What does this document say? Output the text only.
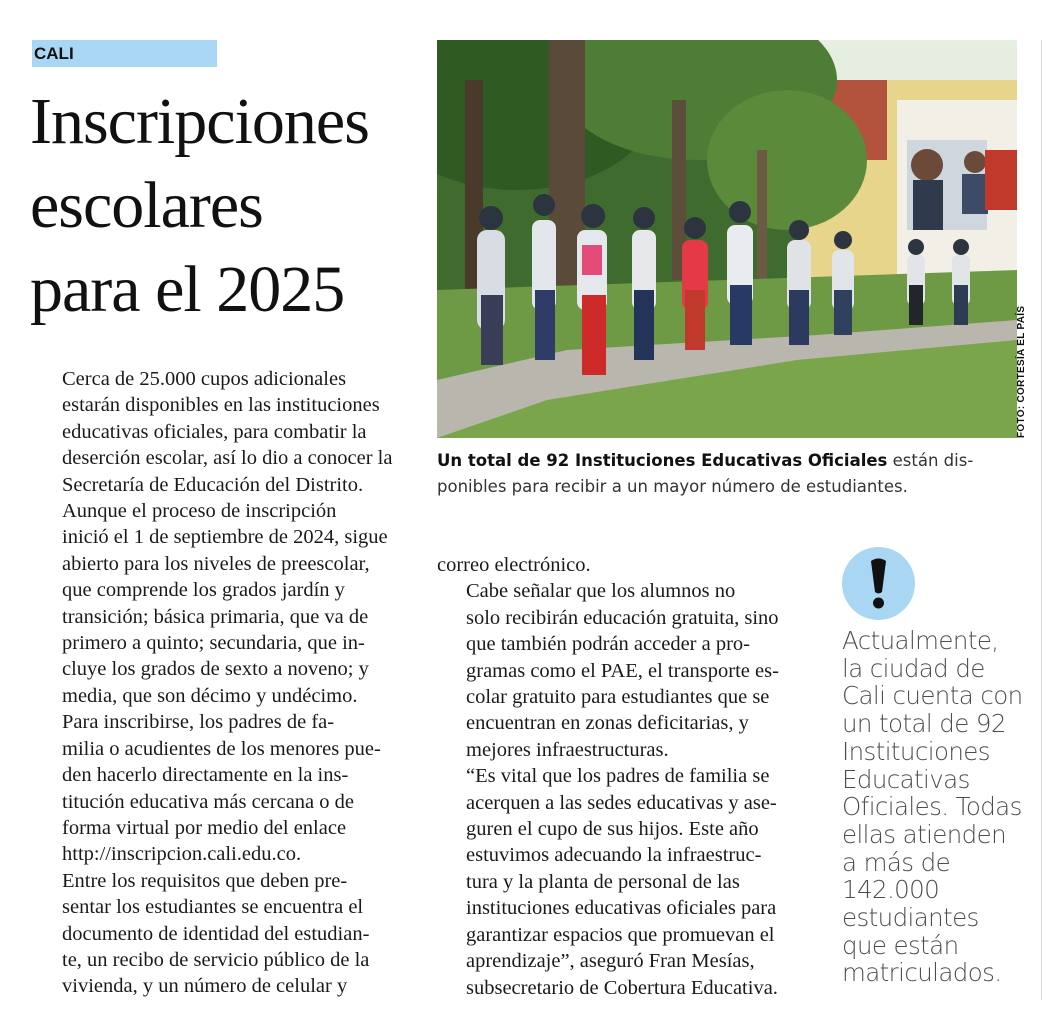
CALI
Inscripciones
escolares
para el 2025
FOTO: CORTESÍA EL PAÍS

Un total de 92 Instituciones Educativas Oficiales están dis-
ponibles para recibir a un mayor número de estudiantes.

Cerca de 25.000 cupos adicionales
estarán disponibles en las instituciones
educativas oficiales, para combatir la
deserción escolar, así lo dio a conocer la
Secretaría de Educación del Distrito.

Aunque el proceso de inscripción
inició el 1 de septiembre de 2024, sigue
abierto para los niveles de preescolar,
que comprende los grados jardín y
transición; básica primaria, que va de
primero a quinto; secundaria, que in-
cluye los grados de sexto a noveno; y
media, que son décimo y undécimo.

Para inscribirse, los padres de fa-
milia o acudientes de los menores pue-
den hacerlo directamente en la ins-
titución educativa más cercana o de
forma virtual por medio del enlace
http://inscripcion.cali.edu.co.

Entre los requisitos que deben pre-
sentar los estudiantes se encuentra el
documento de identidad del estudian-
te, un recibo de servicio público de la
vivienda, y un número de celular y

correo electrónico.

Cabe señalar que los alumnos no
solo recibirán educación gratuita, sino
que también podrán acceder a pro-
gramas como el PAE, el transporte es-
colar gratuito para estudiantes que se
encuentran en zonas deficitarias, y
mejores infraestructuras.

“Es vital que los padres de familia se
acerquen a las sedes educativas y ase-
guren el cupo de sus hijos. Este año
estuvimos adecuando la infraestruc-
tura y la planta de personal de las
instituciones educativas oficiales para
garantizar espacios que promuevan el
aprendizaje”, aseguró Fran Mesías,
subsecretario de Cobertura Educativa.

Actualmente,
la ciudad de
Cali cuenta con
un total de 92
Instituciones
Educativas
Oficiales. Todas
ellas atienden
a más de
142.000
estudiantes
que están
matriculados.
